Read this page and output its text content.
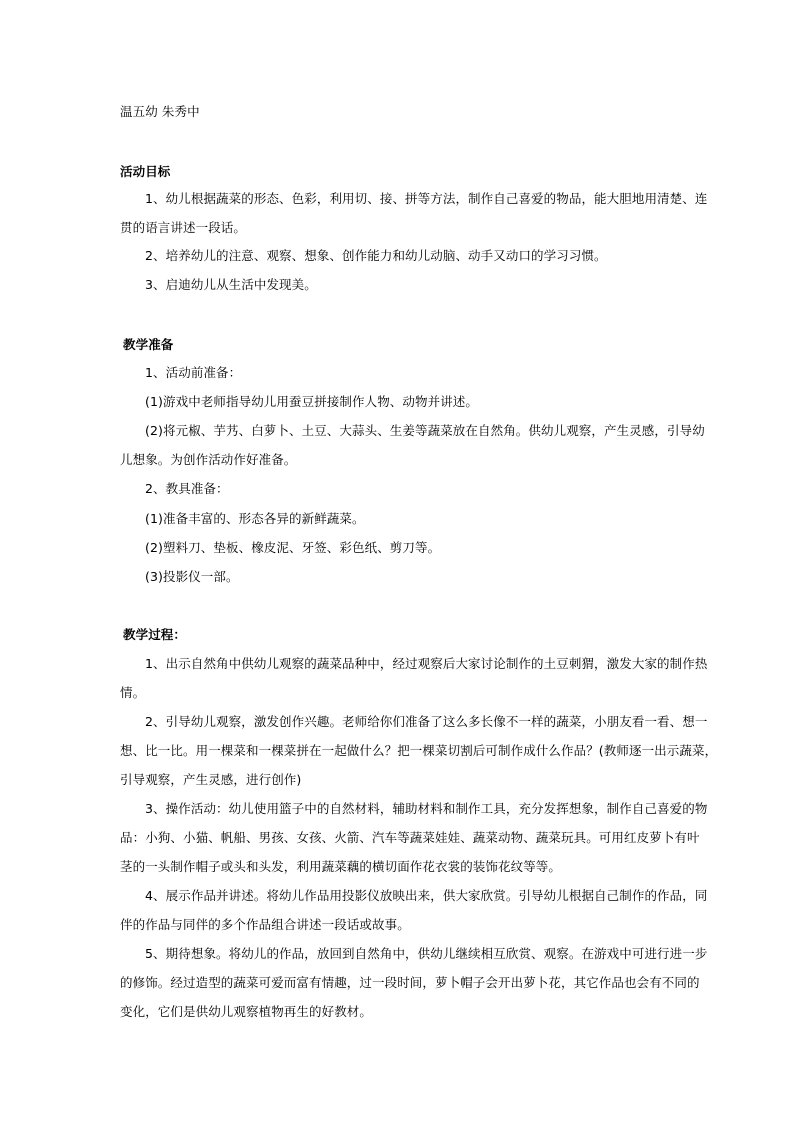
温五幼 朱秀中
活动目标
1、幼儿根据蔬菜的形态、色彩，利用切、接、拼等方法，制作自己喜爱的物品，能大胆地用清楚、连
贯的语言讲述一段话。
2、培养幼儿的注意、观察、想象、创作能力和幼儿动脑、动手又动口的学习习惯。
3、启迪幼儿从生活中发现美。
教学准备
1、活动前准备：
(1)游戏中老师指导幼儿用蚕豆拼接制作人物、动物并讲述。
(2)将元椒、芋艿、白萝卜、土豆、大蒜头、生姜等蔬菜放在自然角。供幼儿观察，产生灵感，引导幼
儿想象。为创作活动作好准备。
2、教具准备：
(1)准备丰富的、形态各异的新鲜蔬菜。
(2)塑料刀、垫板、橡皮泥、牙签、彩色纸、剪刀等。
(3)投影仪一部。
教学过程：
1、出示自然角中供幼儿观察的蔬菜品种中，经过观察后大家讨论制作的土豆刺猬，激发大家的制作热
情。
2、引导幼儿观察，激发创作兴趣。老师给你们准备了这么多长像不一样的蔬菜，小朋友看一看、想一
想、比一比。用一棵菜和一棵菜拼在一起做什么？把一棵菜切割后可制作成什么作品？(教师逐一出示蔬菜，
引导观察，产生灵感，进行创作)
3、操作活动：幼儿使用篮子中的自然材料，辅助材料和制作工具，充分发挥想象，制作自己喜爱的物
品：小狗、小猫、帆船、男孩、女孩、火箭、汽车等蔬菜娃娃、蔬菜动物、蔬菜玩具。可用红皮萝卜有叶
茎的一头制作帽子或头和头发，利用蔬菜藕的横切面作花衣裳的装饰花纹等等。
4、展示作品并讲述。将幼儿作品用投影仪放映出来，供大家欣赏。引导幼儿根据自己制作的作品，同
伴的作品与同伴的多个作品组合讲述一段话或故事。
5、期待想象。将幼儿的作品，放回到自然角中，供幼儿继续相互欣赏、观察。在游戏中可进行进一步
的修饰。经过造型的蔬菜可爱而富有情趣，过一段时间，萝卜帽子会开出萝卜花，其它作品也会有不同的
变化，它们是供幼儿观察植物再生的好教材。
